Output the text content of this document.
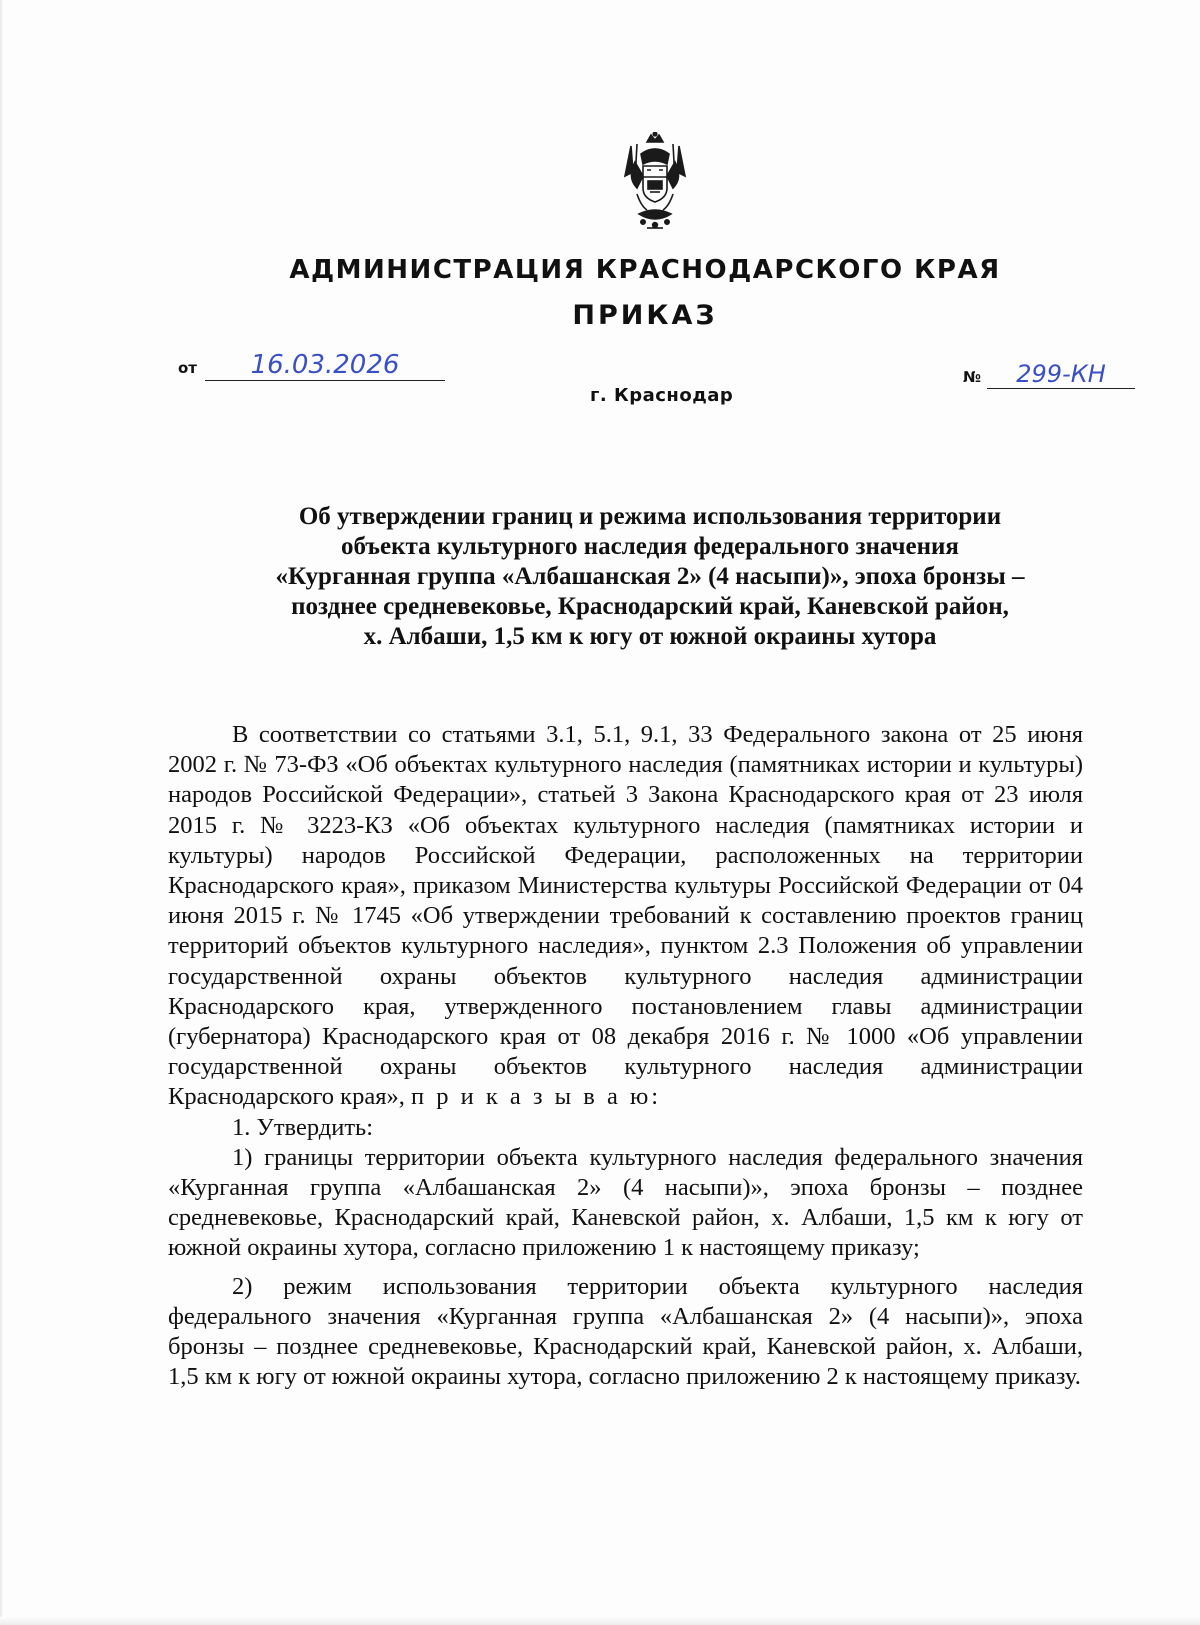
АДМИНИСТРАЦИЯ КРАСНОДАРСКОГО КРАЯ
ПРИКАЗ
от 16.03.2026	№ 299-КН
г. Краснодар
Об утверждении границ и режима использования территории
объекта культурного наследия федерального значения
«Курганная группа «Албашанская 2» (4 насыпи)», эпоха бронзы –
позднее средневековье, Краснодарский край, Каневской район,
х. Албаши, 1,5 км к югу от южной окраины хутора

В соответствии со статьями 3.1, 5.1, 9.1, 33 Федерального закона от 25 июня 2002 г. № 73-ФЗ «Об объектах культурного наследия (памятниках истории и культуры) народов Российской Федерации», статьей 3 Закона Краснодарского края от 23 июля 2015 г. № 3223-КЗ «Об объектах культурного наследия (памятниках истории и культуры) народов Российской Федерации, расположенных на территории Краснодарского края», приказом Министерства культуры Российской Федерации от 04 июня 2015 г. № 1745 «Об утверждении требований к составлению проектов границ территорий объектов культурного наследия», пунктом 2.3 Положения об управлении государственной охраны объектов культурного наследия администрации Краснодарского края, утвержденного постановлением главы администрации (губернатора) Краснодарского края от 08 декабря 2016 г. № 1000 «Об управлении государственной охраны объектов культурного наследия администрации Краснодарского края», п р и к а з ы в а ю:

1. Утвердить:

1) границы территории объекта культурного наследия федерального значения «Курганная группа «Албашанская 2» (4 насыпи)», эпоха бронзы – позднее средневековье, Краснодарский край, Каневской район, х. Албаши, 1,5 км к югу от южной окраины хутора, согласно приложению 1 к настоящему приказу;

2) режим использования территории объекта культурного наследия федерального значения «Курганная группа «Албашанская 2» (4 насыпи)», эпоха бронзы – позднее средневековье, Краснодарский край, Каневской район, х. Албаши, 1,5 км к югу от южной окраины хутора, согласно приложению 2 к настоящему приказу.
